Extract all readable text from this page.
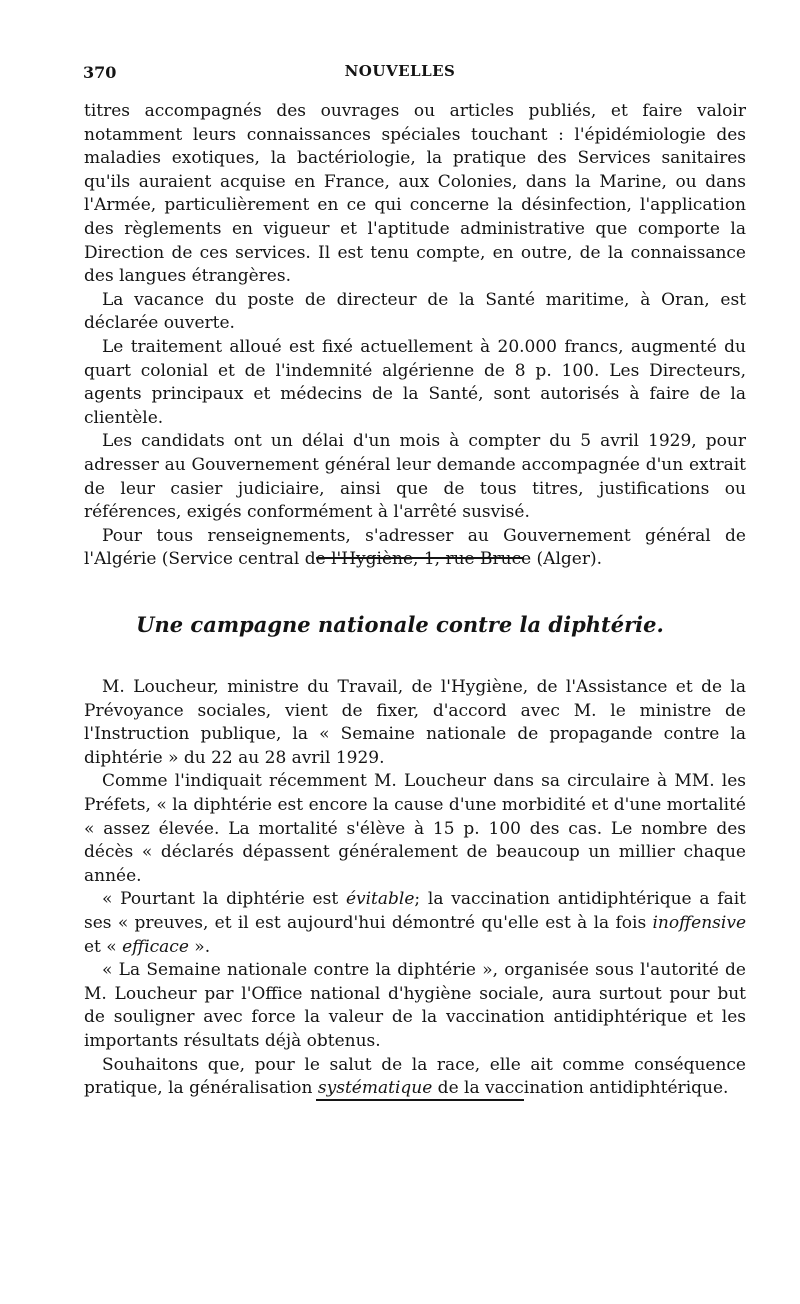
370	NOUVELLES

titres accompagnés des ouvrages ou articles publiés, et faire valoir notamment leurs connaissances spéciales touchant : l'épidémiologie des maladies exotiques, la bactériologie, la pratique des Services sanitaires qu'ils auraient acquise en France, aux Colonies, dans la Marine, ou dans l'Armée, particulièrement en ce qui concerne la désinfection, l'application des règlements en vigueur et l'aptitude administrative que comporte la Direction de ces services. Il est tenu compte, en outre, de la connaissance des langues étrangères.

La vacance du poste de directeur de la Santé maritime, à Oran, est déclarée ouverte.

Le traitement alloué est fixé actuellement à 20.000 francs, augmenté du quart colonial et de l'indemnité algérienne de 8 p. 100. Les Directeurs, agents principaux et médecins de la Santé, sont autorisés à faire de la clientèle.

Les candidats ont un délai d'un mois à compter du 5 avril 1929, pour adresser au Gouvernement général leur demande accompagnée d'un extrait de leur casier judiciaire, ainsi que de tous titres, justifications ou références, exigés conformément à l'arrêté susvisé.

Pour tous renseignements, s'adresser au Gouvernement général de l'Algérie (Service central de l'Hygiène, 1, rue Bruce (Alger).

Une campagne nationale contre la diphtérie.

M. Loucheur, ministre du Travail, de l'Hygiène, de l'Assistance et de la Prévoyance sociales, vient de fixer, d'accord avec M. le ministre de l'Instruction publique, la « Semaine nationale de propagande contre la diphtérie » du 22 au 28 avril 1929.

Comme l'indiquait récemment M. Loucheur dans sa circulaire à MM. les Préfets, « la diphtérie est encore la cause d'une morbidité et d'une mortalité « assez élevée. La mortalité s'élève à 15 p. 100 des cas. Le nombre des décès « déclarés dépassent généralement de beaucoup un millier chaque année.

« Pourtant la diphtérie est évitable; la vaccination antidiphtérique a fait ses « preuves, et il est aujourd'hui démontré qu'elle est à la fois inoffensive et « efficace ».

« La Semaine nationale contre la diphtérie », organisée sous l'autorité de M. Loucheur par l'Office national d'hygiène sociale, aura surtout pour but de souligner avec force la valeur de la vaccination antidiphtérique et les importants résultats déjà obtenus.

Souhaitons que, pour le salut de la race, elle ait comme conséquence pratique, la généralisation systématique de la vaccination antidiphtérique.
